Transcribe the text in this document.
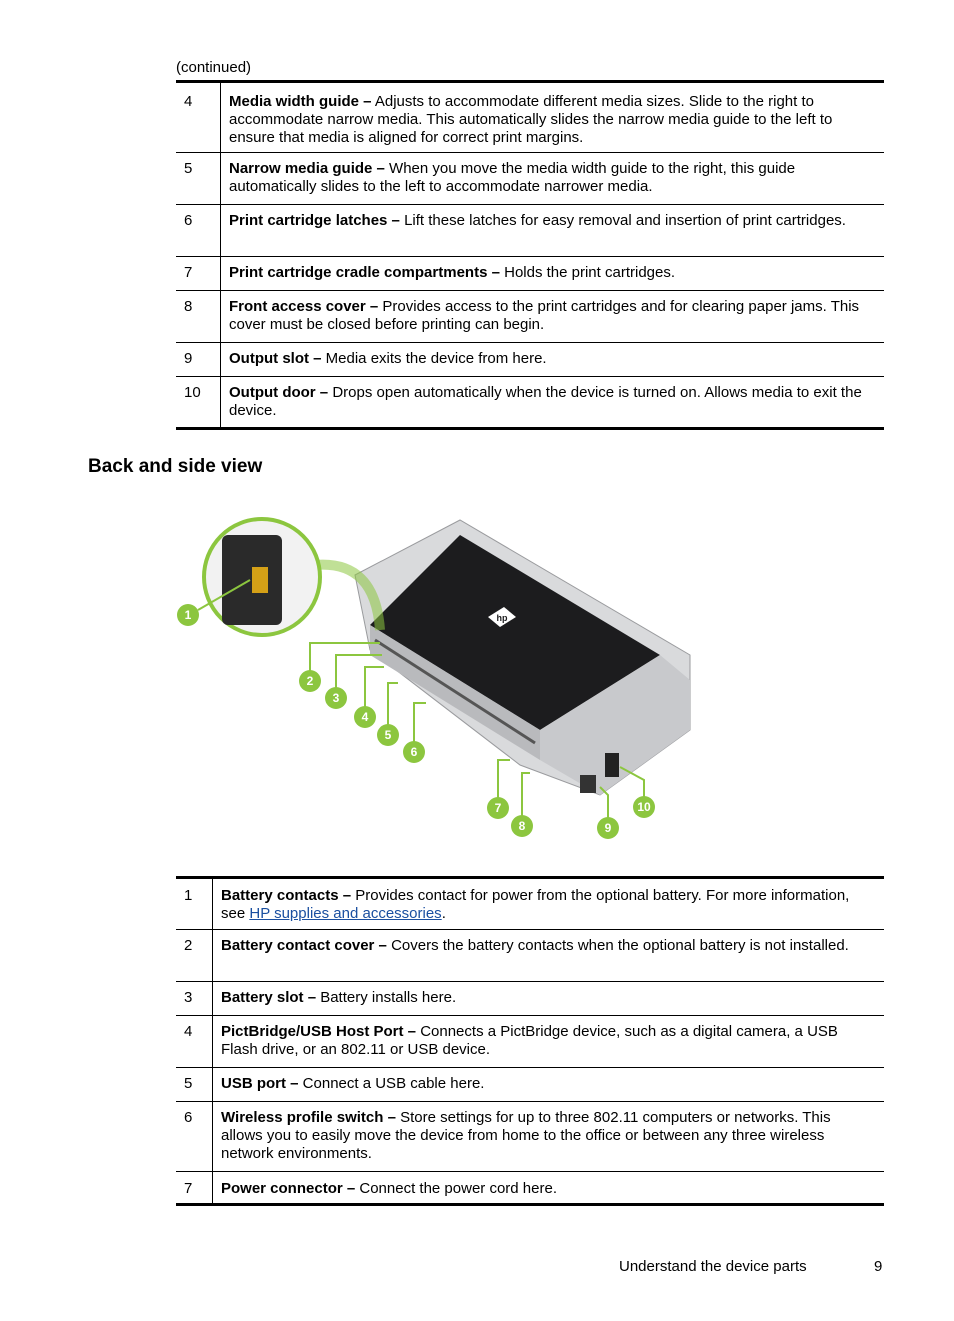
(continued)
4	Media width guide – Adjusts to accommodate different media sizes. Slide to the right to accommodate narrow media. This automatically slides the narrow media guide to the left to ensure that media is aligned for correct print margins.
5	Narrow media guide – When you move the media width guide to the right, this guide automatically slides to the left to accommodate narrower media.
6	Print cartridge latches – Lift these latches for easy removal and insertion of print cartridges.
7	Print cartridge cradle compartments – Holds the print cartridges.
8	Front access cover – Provides access to the print cartridges and for clearing paper jams. This cover must be closed before printing can begin.
9	Output slot – Media exits the device from here.
10	Output door – Drops open automatically when the device is turned on. Allows media to exit the device.
Back and side view
hp
1
2
3
4
5
6
7
8	9
10
1	Battery contacts – Provides contact for power from the optional battery. For more information, see HP supplies and accessories.
2	Battery contact cover – Covers the battery contacts when the optional battery is not installed.
3	Battery slot – Battery installs here.
4	PictBridge/USB Host Port – Connects a PictBridge device, such as a digital camera, a USB Flash drive, or an 802.11 or USB device.
5	USB port – Connect a USB cable here.
6	Wireless profile switch – Store settings for up to three 802.11 computers or networks. This allows you to easily move the device from home to the office or between any three wireless network environments.
7	Power connector – Connect the power cord here.
Understand the device parts	9
